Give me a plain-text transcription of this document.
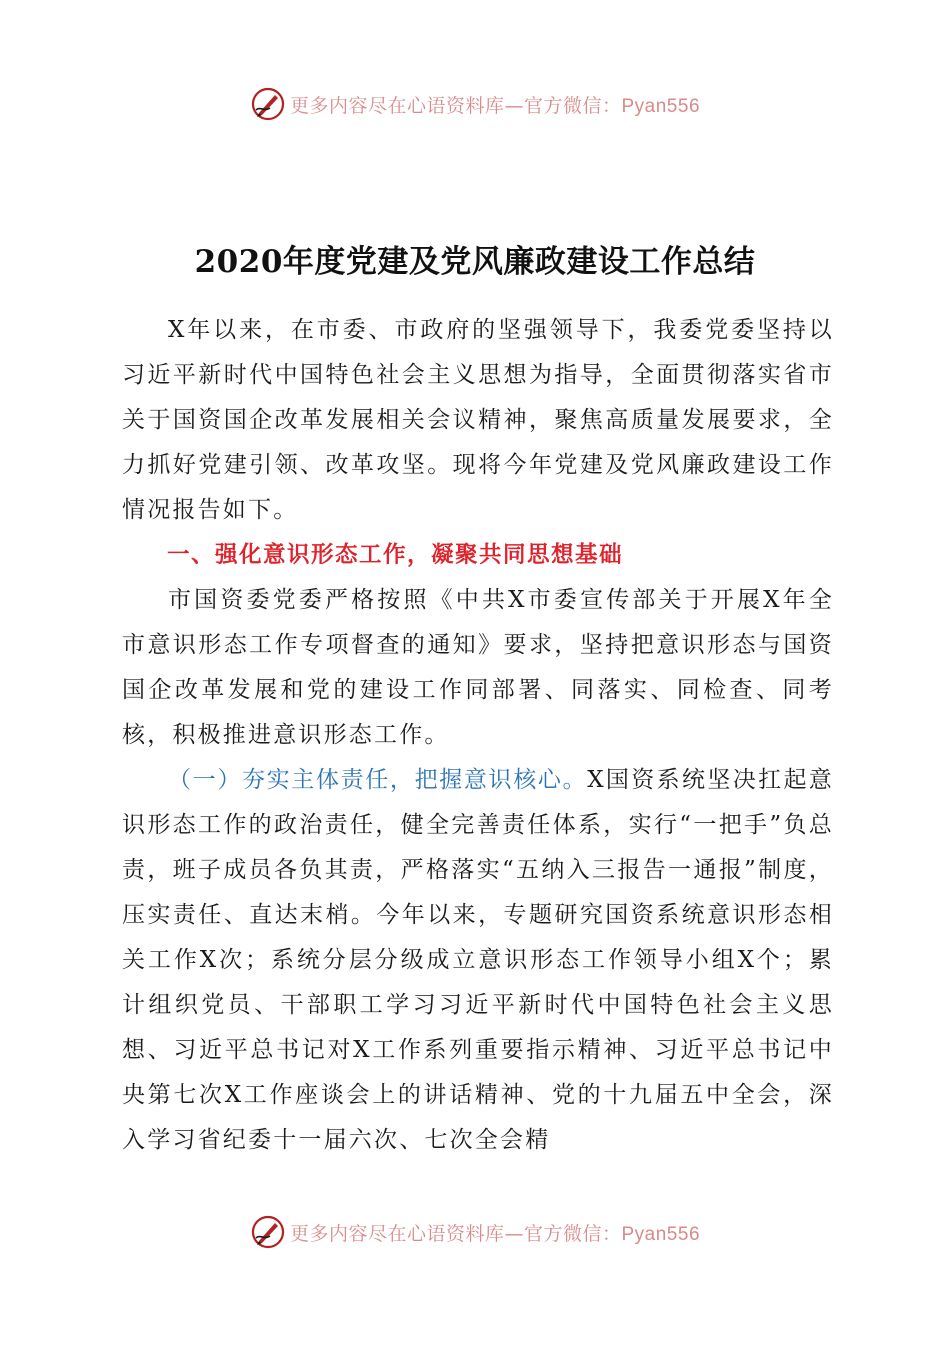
更多内容尽在心语资料库—官方微信：Pyan556
2020年度党建及党风廉政建设工作总结

X年以来，在市委、市政府的坚强领导下，我委党委坚持以习近平新时代中国特色社会主义思想为指导，全面贯彻落实省市关于国资国企改革发展相关会议精神，聚焦高质量发展要求，全力抓好党建引领、改革攻坚。现将今年党建及党风廉政建设工作情况报告如下。

一、强化意识形态工作，凝聚共同思想基础

市国资委党委严格按照《中共X市委宣传部关于开展X年全市意识形态工作专项督查的通知》要求，坚持把意识形态与国资国企改革发展和党的建设工作同部署、同落实、同检查、同考核，积极推进意识形态工作。

（一）夯实主体责任，把握意识核心。X国资系统坚决扛起意识形态工作的政治责任，健全完善责任体系，实行“一把手”负总责，班子成员各负其责，严格落实“五纳入三报告一通报”制度，压实责任、直达末梢。今年以来，专题研究国资系统意识形态相关工作X次；系统分层分级成立意识形态工作领导小组X个；累计组织党员、干部职工学习习近平新时代中国特色社会主义思想、习近平总书记对X工作系列重要指示精神、习近平总书记中央第七次X工作座谈会上的讲话精神、党的十九届五中全会，深入学习省纪委十一届六次、七次全会精

更多内容尽在心语资料库—官方微信：Pyan556
